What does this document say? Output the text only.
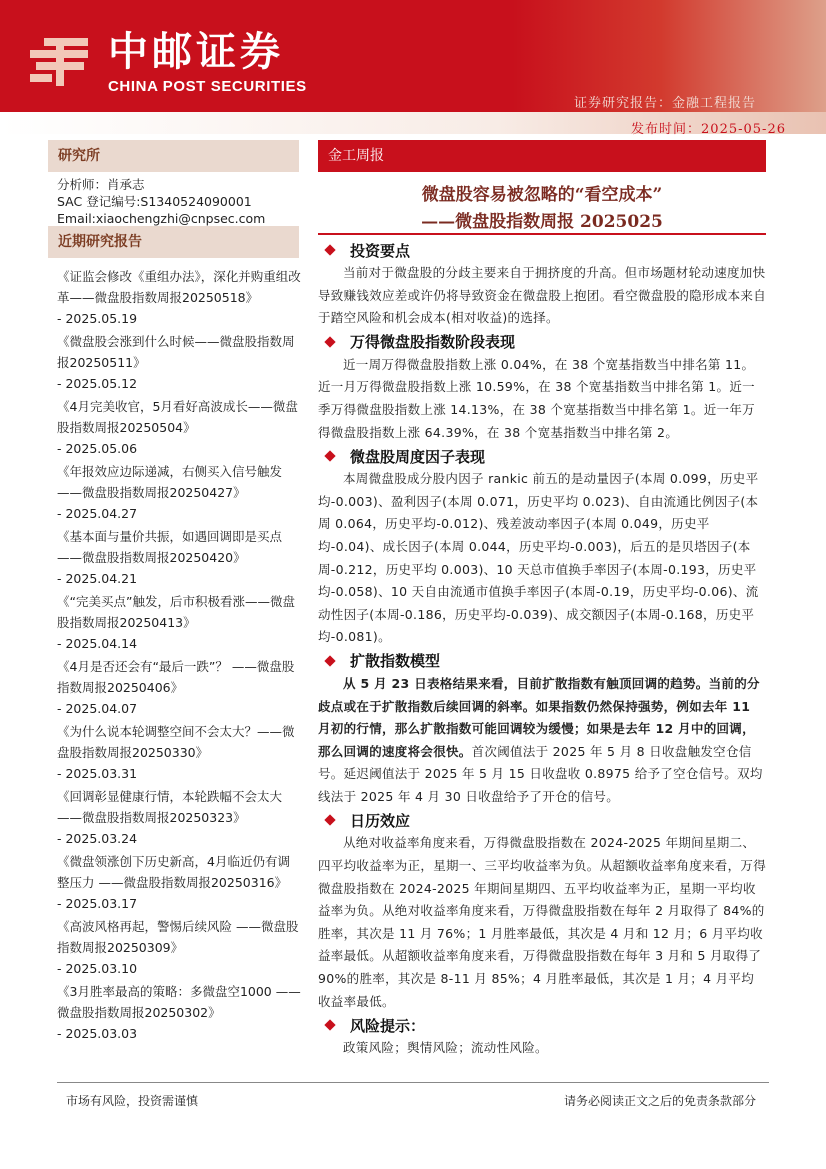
中邮证券
CHINA POST SECURITIES
证券研究报告：金融工程报告
发布时间：2025-05-26
研究所
分析师：肖承志
SAC 登记编号:S1340524090001
Email:xiaochengzhi@cnpsec.com
近期研究报告
《证监会修改《重组办法》，深化并购重组改革——微盘股指数周报20250518》
- 2025.05.19
《微盘股会涨到什么时候——微盘股指数周报20250511》
- 2025.05.12
《4月完美收官，5月看好高波成长——微盘股指数周报20250504》
- 2025.05.06
《年报效应边际递减，右侧买入信号触发——微盘股指数周报20250427》
- 2025.04.27
《基本面与量价共振，如遇回调即是买点——微盘股指数周报20250420》
- 2025.04.21
《“完美买点”触发，后市积极看涨——微盘股指数周报20250413》
- 2025.04.14
《4月是否还会有“最后一跌”？ ——微盘股指数周报20250406》
- 2025.04.07
《为什么说本轮调整空间不会太大？——微盘股指数周报20250330》
- 2025.03.31
《回调彰显健康行情，本轮跌幅不会太大 ——微盘股指数周报20250323》
- 2025.03.24
《微盘领涨创下历史新高，4月临近仍有调整压力 ——微盘股指数周报20250316》
- 2025.03.17
《高波风格再起，警惕后续风险 ——微盘股指数周报20250309》
- 2025.03.10
《3月胜率最高的策略：多微盘空1000 ——微盘股指数周报20250302》
- 2025.03.03
金工周报
微盘股容易被忽略的“看空成本”
——微盘股指数周报 2025025
投资要点

当前对于微盘股的分歧主要来自于拥挤度的升高。但市场题材轮动速度加快导致赚钱效应差或许仍将导致资金在微盘股上抱团。看空微盘股的隐形成本来自于踏空风险和机会成本(相对收益)的选择。

万得微盘股指数阶段表现

近一周万得微盘股指数上涨 0.04%，在 38 个宽基指数当中排名第 11。近一月万得微盘股指数上涨 10.59%，在 38 个宽基指数当中排名第 1。近一季万得微盘股指数上涨 14.13%，在 38 个宽基指数当中排名第 1。近一年万得微盘股指数上涨 64.39%，在 38 个宽基指数当中排名第 2。

微盘股周度因子表现

本周微盘股成分股内因子 rankic 前五的是动量因子(本周 0.099，历史平均-0.003)、盈利因子(本周 0.071，历史平均 0.023)、自由流通比例因子(本周 0.064，历史平均-0.012)、残差波动率因子(本周 0.049，历史平均-0.04)、成长因子(本周 0.044，历史平均-0.003)，后五的是贝塔因子(本周-0.212，历史平均 0.003)、10 天总市值换手率因子(本周-0.193，历史平均-0.058)、10 天自由流通市值换手率因子(本周-0.19，历史平均-0.06)、流动性因子(本周-0.186，历史平均-0.039)、成交额因子(本周-0.168，历史平均-0.081)。

扩散指数模型

从 5 月 23 日表格结果来看，目前扩散指数有触顶回调的趋势。当前的分歧点或在于扩散指数后续回调的斜率。如果指数仍然保持强势，例如去年 11 月初的行情，那么扩散指数可能回调较为缓慢；如果是去年 12 月中的回调，那么回调的速度将会很快。首次阈值法于 2025 年 5 月 8 日收盘触发空仓信号。延迟阈值法于 2025 年 5 月 15 日收盘收 0.8975 给予了空仓信号。双均线法于 2025 年 4 月 30 日收盘给予了开仓的信号。

日历效应

从绝对收益率角度来看，万得微盘股指数在 2024-2025 年期间星期二、四平均收益率为正，星期一、三平均收益率为负。从超额收益率角度来看，万得微盘股指数在 2024-2025 年期间星期四、五平均收益率为正，星期一平均收益率为负。从绝对收益率角度来看，万得微盘股指数在每年 2 月取得了 84%的胜率，其次是 11 月 76%；1 月胜率最低，其次是 4 月和 12 月；6 月平均收益率最低。从超额收益率角度来看，万得微盘股指数在每年 3 月和 5 月取得了 90%的胜率，其次是 8-11 月 85%；4 月胜率最低，其次是 1 月；4 月平均收益率最低。

风险提示：

政策风险；舆情风险；流动性风险。

市场有风险，投资需谨慎	请务必阅读正文之后的免责条款部分
